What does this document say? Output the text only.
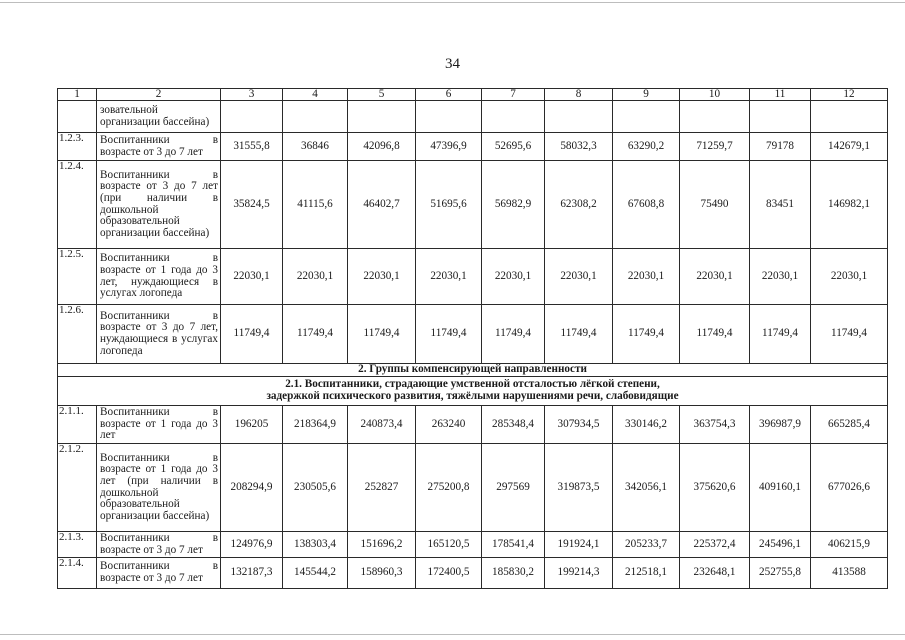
34
1	2	3	4	5	6	7	8	9	10	11	12
	зовательной организации бассейна)										
1.2.3.	Воспитанники в возрасте от 3 до 7 лет	31555,8	36846	42096,8	47396,9	52695,6	58032,3	63290,2	71259,7	79178	142679,1
1.2.4.	Воспитанники в возрасте от 3 до 7 лет (при наличии в дошкольной образовательной организации бассейна)	35824,5	41115,6	46402,7	51695,6	56982,9	62308,2	67608,8	75490	83451	146982,1
1.2.5.	Воспитанники в возрасте от 1 года до 3 лет, нуждающиеся в услугах логопеда	22030,1	22030,1	22030,1	22030,1	22030,1	22030,1	22030,1	22030,1	22030,1	22030,1
1.2.6.	Воспитанники в возрасте от 3 до 7 лет, нуждающиеся в услугах логопеда	11749,4	11749,4	11749,4	11749,4	11749,4	11749,4	11749,4	11749,4	11749,4	11749,4
2. Группы компенсирующей направленности											

2.1. Воспитанники, страдающие умственной отсталостью лёгкой степени,
задержкой психического развития, тяжёлыми нарушениями речи, слабовидящие											

2.1.1.	Воспитанники в возрасте от 1 года до 3 лет	196205	218364,9	240873,4	263240	285348,4	307934,5	330146,2	363754,3	396987,9	665285,4
2.1.2.	Воспитанники в возрасте от 1 года до 3 лет (при наличии в дошкольной образовательной организации бассейна)	208294,9	230505,6	252827	275200,8	297569	319873,5	342056,1	375620,6	409160,1	677026,6
2.1.3.	Воспитанники в возрасте от 3 до 7 лет	124976,9	138303,4	151696,2	165120,5	178541,4	191924,1	205233,7	225372,4	245496,1	406215,9
2.1.4.	Воспитанники в возрасте от 3 до 7 лет	132187,3	145544,2	158960,3	172400,5	185830,2	199214,3	212518,1	232648,1	252755,8	413588
